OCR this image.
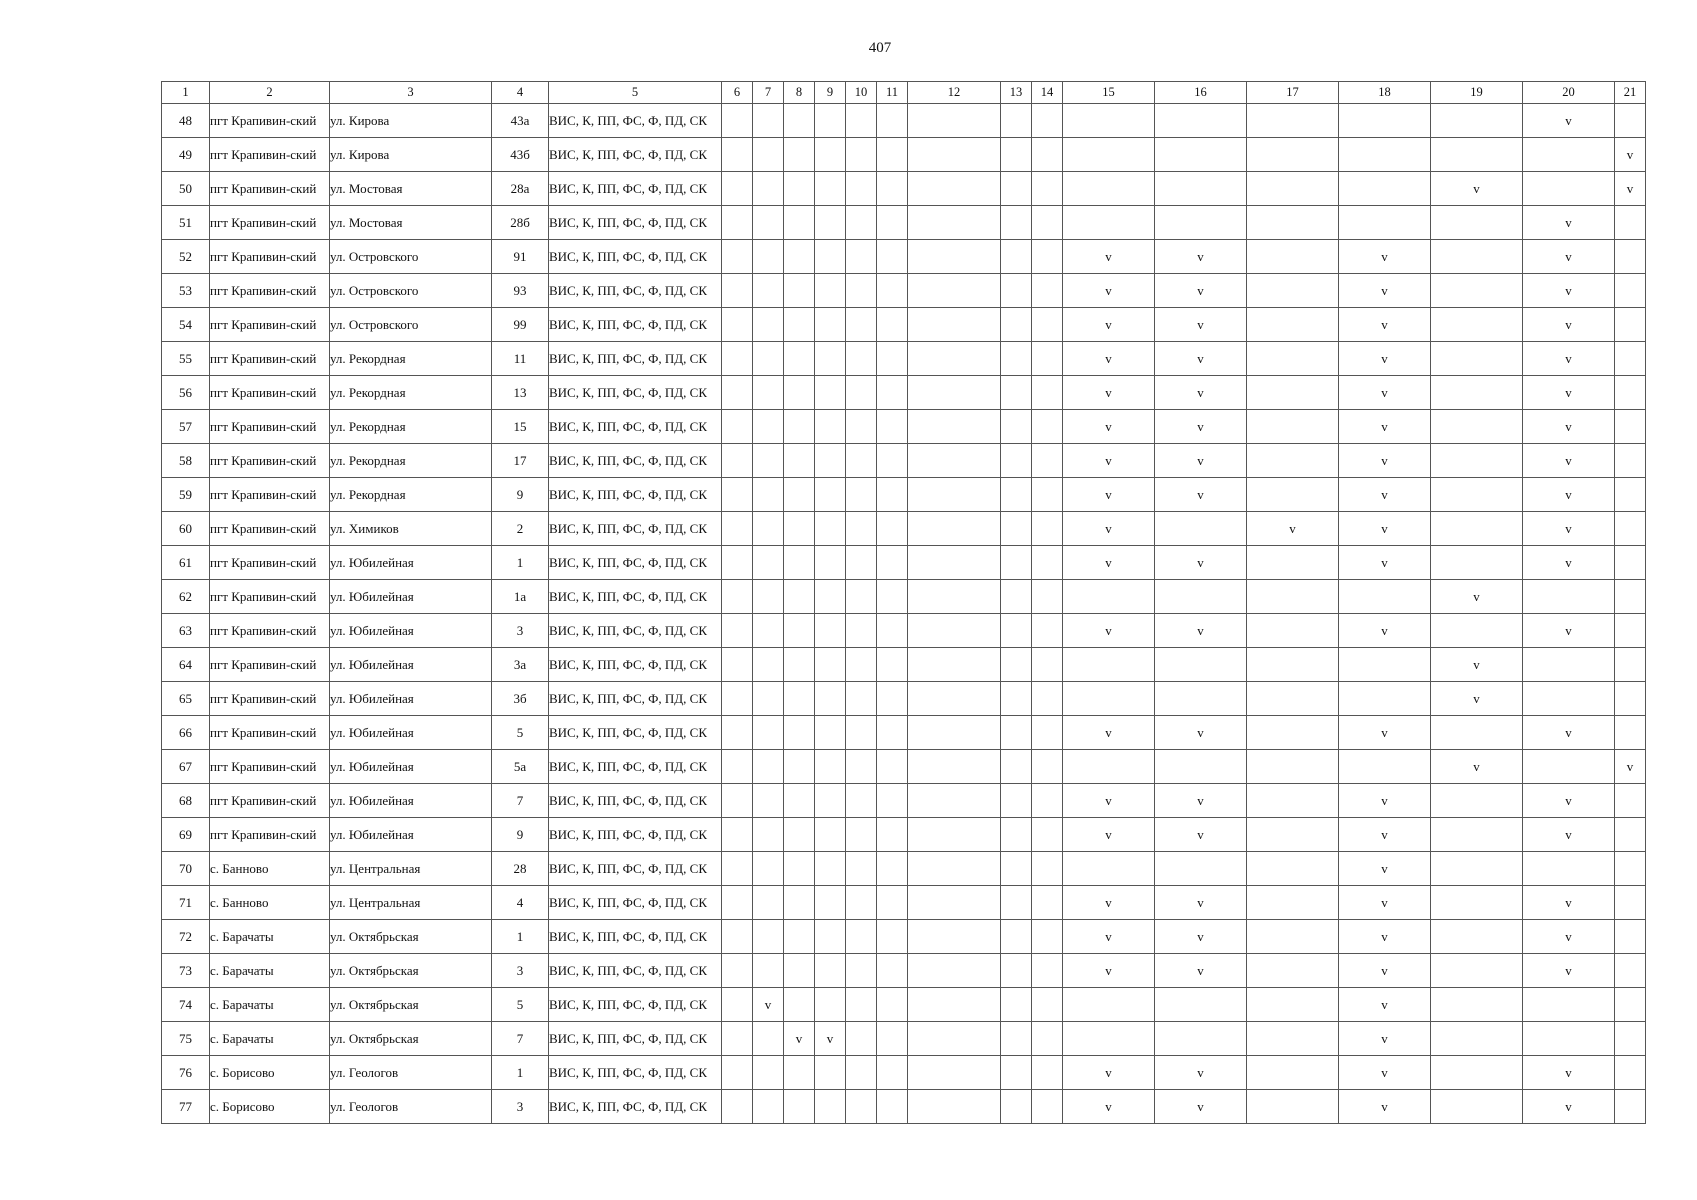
407
1	2	3	4	5	6	7	8	9	10	11	12	13	14	15	16	17	18	19	20	21
48	пгт Крапивин-ский	ул. Кирова	43а	ВИС, К, ПП, ФС, Ф, ПД, СК															v	
49	пгт Крапивин-ский	ул. Кирова	43б	ВИС, К, ПП, ФС, Ф, ПД, СК																v
50	пгт Крапивин-ский	ул. Мостовая	28а	ВИС, К, ПП, ФС, Ф, ПД, СК														v		v
51	пгт Крапивин-ский	ул. Мостовая	28б	ВИС, К, ПП, ФС, Ф, ПД, СК															v	
52	пгт Крапивин-ский	ул. Островского	91	ВИС, К, ПП, ФС, Ф, ПД, СК										v	v		v		v	
53	пгт Крапивин-ский	ул. Островского	93	ВИС, К, ПП, ФС, Ф, ПД, СК										v	v		v		v	
54	пгт Крапивин-ский	ул. Островского	99	ВИС, К, ПП, ФС, Ф, ПД, СК										v	v		v		v	
55	пгт Крапивин-ский	ул. Рекордная	11	ВИС, К, ПП, ФС, Ф, ПД, СК										v	v		v		v	
56	пгт Крапивин-ский	ул. Рекордная	13	ВИС, К, ПП, ФС, Ф, ПД, СК										v	v		v		v	
57	пгт Крапивин-ский	ул. Рекордная	15	ВИС, К, ПП, ФС, Ф, ПД, СК										v	v		v		v	
58	пгт Крапивин-ский	ул. Рекордная	17	ВИС, К, ПП, ФС, Ф, ПД, СК										v	v		v		v	
59	пгт Крапивин-ский	ул. Рекордная	9	ВИС, К, ПП, ФС, Ф, ПД, СК										v	v		v		v	
60	пгт Крапивин-ский	ул. Химиков	2	ВИС, К, ПП, ФС, Ф, ПД, СК										v		v	v		v	
61	пгт Крапивин-ский	ул. Юбилейная	1	ВИС, К, ПП, ФС, Ф, ПД, СК										v	v		v		v	
62	пгт Крапивин-ский	ул. Юбилейная	1а	ВИС, К, ПП, ФС, Ф, ПД, СК														v		
63	пгт Крапивин-ский	ул. Юбилейная	3	ВИС, К, ПП, ФС, Ф, ПД, СК										v	v		v		v	
64	пгт Крапивин-ский	ул. Юбилейная	3а	ВИС, К, ПП, ФС, Ф, ПД, СК														v		
65	пгт Крапивин-ский	ул. Юбилейная	3б	ВИС, К, ПП, ФС, Ф, ПД, СК														v		
66	пгт Крапивин-ский	ул. Юбилейная	5	ВИС, К, ПП, ФС, Ф, ПД, СК										v	v		v		v	
67	пгт Крапивин-ский	ул. Юбилейная	5а	ВИС, К, ПП, ФС, Ф, ПД, СК														v		v
68	пгт Крапивин-ский	ул. Юбилейная	7	ВИС, К, ПП, ФС, Ф, ПД, СК										v	v		v		v	
69	пгт Крапивин-ский	ул. Юбилейная	9	ВИС, К, ПП, ФС, Ф, ПД, СК										v	v		v		v	
70	с. Банново	ул. Центральная	28	ВИС, К, ПП, ФС, Ф, ПД, СК													v			
71	с. Банново	ул. Центральная	4	ВИС, К, ПП, ФС, Ф, ПД, СК										v	v		v		v	
72	с. Барачаты	ул. Октябрьская	1	ВИС, К, ПП, ФС, Ф, ПД, СК										v	v		v		v	
73	с. Барачаты	ул. Октябрьская	3	ВИС, К, ПП, ФС, Ф, ПД, СК										v	v		v		v	
74	с. Барачаты	ул. Октябрьская	5	ВИС, К, ПП, ФС, Ф, ПД, СК		v											v			
75	с. Барачаты	ул. Октябрьская	7	ВИС, К, ПП, ФС, Ф, ПД, СК			v	v									v			
76	с. Борисово	ул. Геологов	1	ВИС, К, ПП, ФС, Ф, ПД, СК										v	v		v		v	
77	с. Борисово	ул. Геологов	3	ВИС, К, ПП, ФС, Ф, ПД, СК										v	v		v		v	
